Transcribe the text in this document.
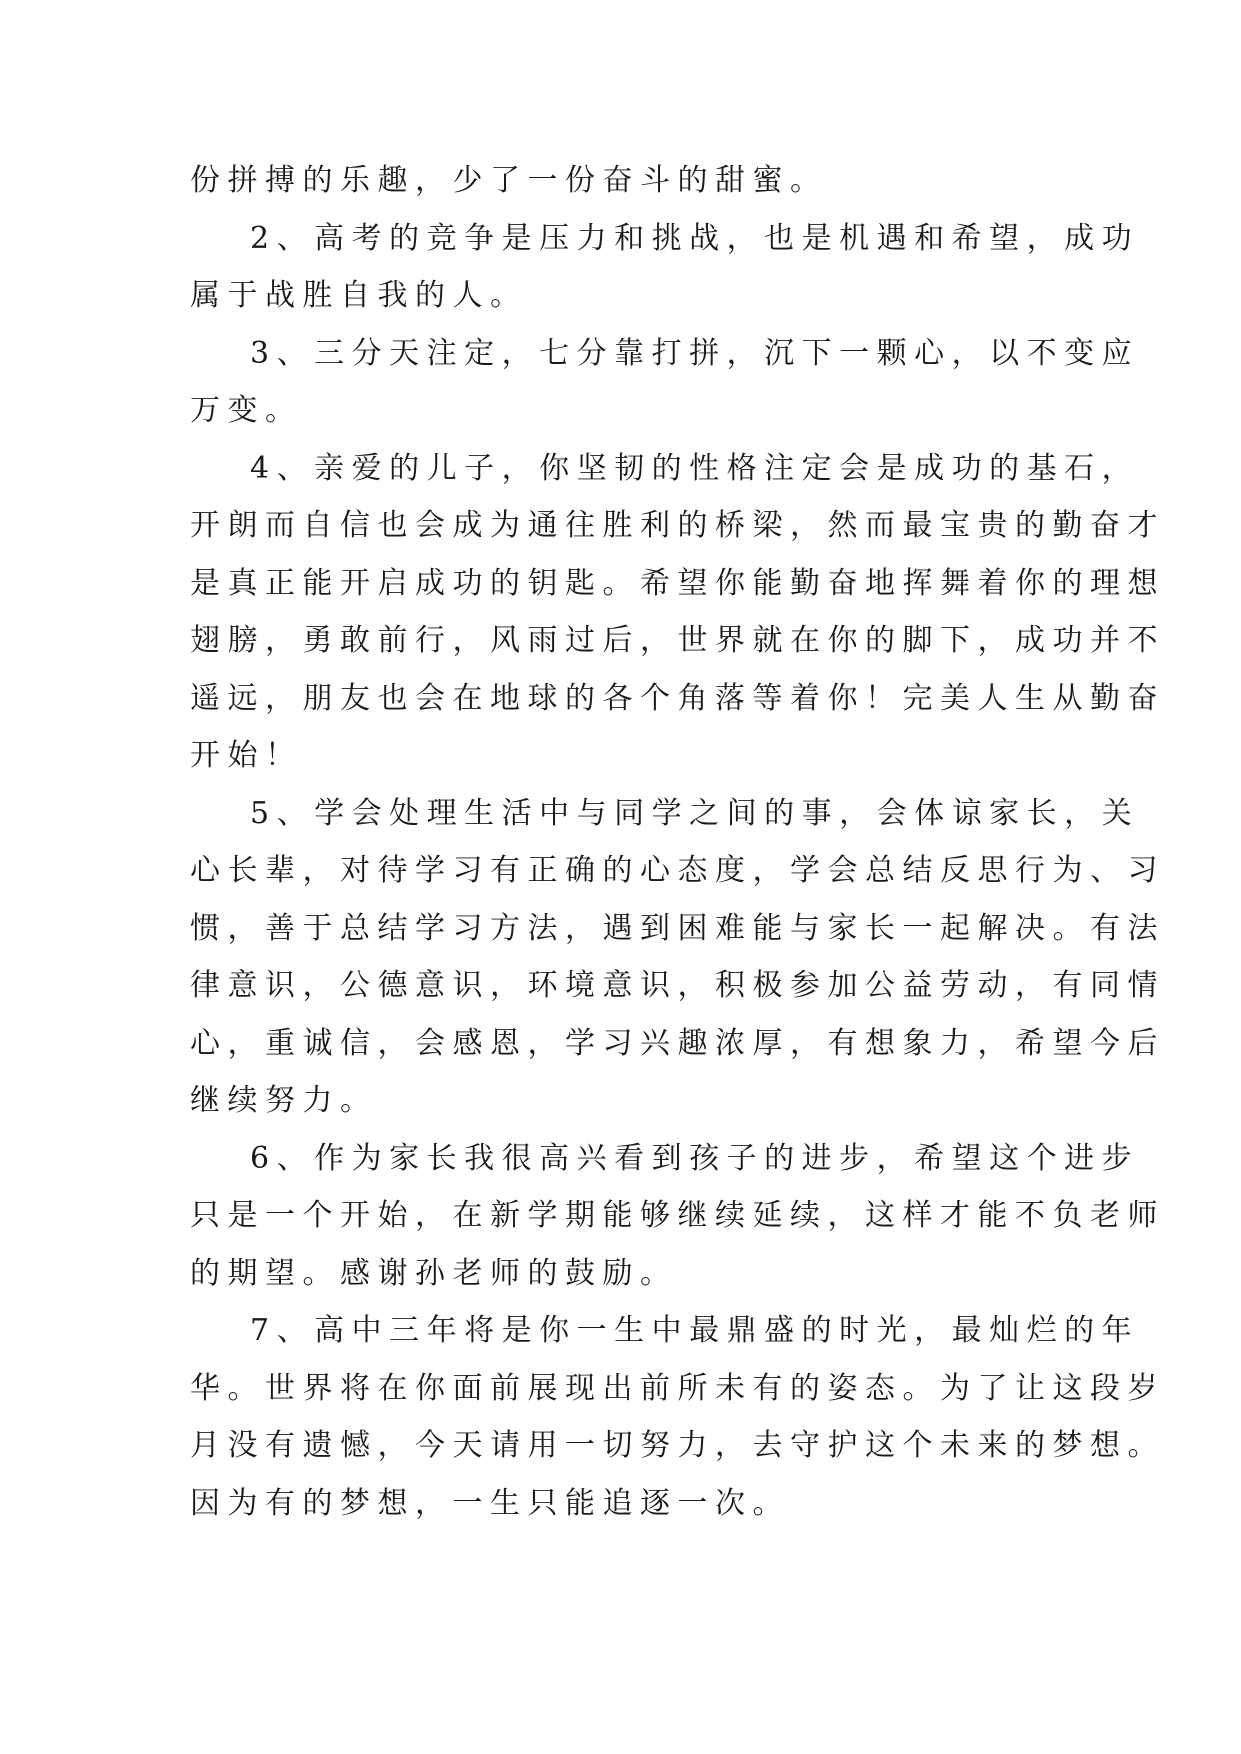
份拼搏的乐趣，少了一份奋斗的甜蜜。
2、高考的竞争是压力和挑战，也是机遇和希望，成功
属于战胜自我的人。
3、三分天注定，七分靠打拼，沉下一颗心，以不变应
万变。
4、亲爱的儿子，你坚韧的性格注定会是成功的基石，
开朗而自信也会成为通往胜利的桥梁，然而最宝贵的勤奋才
是真正能开启成功的钥匙。希望你能勤奋地挥舞着你的理想
翅膀，勇敢前行，风雨过后，世界就在你的脚下，成功并不
遥远，朋友也会在地球的各个角落等着你！完美人生从勤奋
开始！
5、学会处理生活中与同学之间的事，会体谅家长，关
心长辈，对待学习有正确的心态度，学会总结反思行为、习
惯，善于总结学习方法，遇到困难能与家长一起解决。有法
律意识，公德意识，环境意识，积极参加公益劳动，有同情
心，重诚信，会感恩，学习兴趣浓厚，有想象力，希望今后
继续努力。
6、作为家长我很高兴看到孩子的进步，希望这个进步
只是一个开始，在新学期能够继续延续，这样才能不负老师
的期望。感谢孙老师的鼓励。
7、高中三年将是你一生中最鼎盛的时光，最灿烂的年
华。世界将在你面前展现出前所未有的姿态。为了让这段岁
月没有遗憾，今天请用一切努力，去守护这个未来的梦想。
因为有的梦想，一生只能追逐一次。
